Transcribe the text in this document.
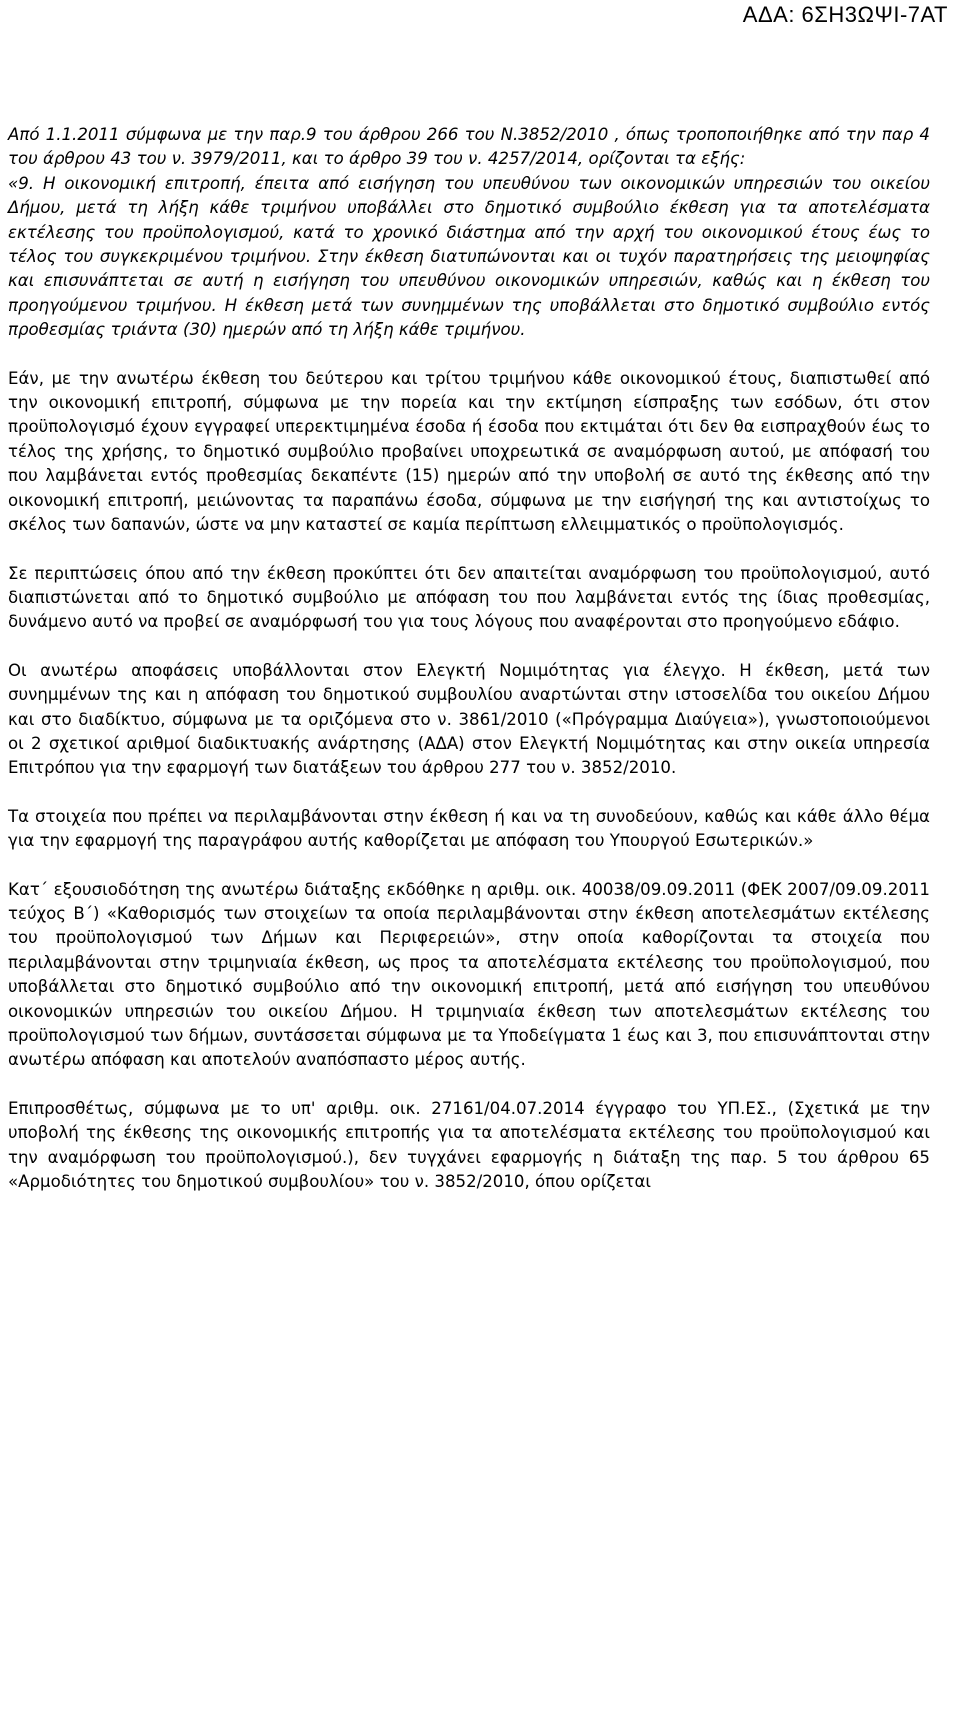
ΑΔΑ: 6ΣΗ3ΩΨΙ-7ΑΤ

Από 1.1.2011 σύμφωνα με την παρ.9 του άρθρου 266 του Ν.3852/2010 , όπως τροποποιήθηκε από την παρ 4 του άρθρου 43 του ν. 3979/2011, και το άρθρο 39 του ν. 4257/2014, ορίζονται τα εξής:

«9. Η οικονομική επιτροπή, έπειτα από εισήγηση του υπευθύνου των οικονομικών υπηρεσιών του οικείου Δήμου, μετά τη λήξη κάθε τριμήνου υποβάλλει στο δημοτικό συμβούλιο έκθεση για τα αποτελέσματα εκτέλεσης του προϋπολογισμού, κατά το χρονικό διάστημα από την αρχή του οικονομικού έτους έως το τέλος του συγκεκριμένου τριμήνου. Στην έκθεση διατυπώνονται και οι τυχόν παρατηρήσεις της μειοψηφίας και επισυνάπτεται σε αυτή η εισήγηση του υπευθύνου οικονομικών υπηρεσιών, καθώς και η έκθεση του προηγούμενου τριμήνου. Η έκθεση μετά των συνημμένων της υποβάλλεται στο δημοτικό συμβούλιο εντός προθεσμίας τριάντα (30) ημερών από τη λήξη κάθε τριμήνου.

Εάν, με την ανωτέρω έκθεση του δεύτερου και τρίτου τριμήνου κάθε οικονομικού έτους, διαπιστωθεί από την οικονομική επιτροπή, σύμφωνα με την πορεία και την εκτίμηση είσπραξης των εσόδων, ότι στον προϋπολογισμό έχουν εγγραφεί υπερεκτιμημένα έσοδα ή έσοδα που εκτιμάται ότι δεν θα εισπραχθούν έως το τέλος της χρήσης, το δημοτικό συμβούλιο προβαίνει υποχρεωτικά σε αναμόρφωση αυτού, με απόφασή του που λαμβάνεται εντός προθεσμίας δεκαπέντε (15) ημερών από την υποβολή σε αυτό της έκθεσης από την οικονομική επιτροπή, μειώνοντας τα παραπάνω έσοδα, σύμφωνα με την εισήγησή της και αντιστοίχως το σκέλος των δαπανών, ώστε να μην καταστεί σε καμία περίπτωση ελλειμματικός ο προϋπολογισμός.

Σε περιπτώσεις όπου από την έκθεση προκύπτει ότι δεν απαιτείται αναμόρφωση του προϋπολογισμού, αυτό διαπιστώνεται από το δημοτικό συμβούλιο με απόφαση του που λαμβάνεται εντός της ίδιας προθεσμίας, δυνάμενο αυτό να προβεί σε αναμόρφωσή του για τους λόγους που αναφέρονται στο προηγούμενο εδάφιο.

Οι ανωτέρω αποφάσεις υποβάλλονται στον Ελεγκτή Νομιμότητας για έλεγχο. Η έκθεση, μετά των συνημμένων της και η απόφαση του δημοτικού συμβουλίου αναρτώνται στην ιστοσελίδα του οικείου Δήμου και στο διαδίκτυο, σύμφωνα με τα οριζόμενα στο ν. 3861/2010 («Πρόγραμμα Διαύγεια»), γνωστοποιούμενοι οι 2 σχετικοί αριθμοί διαδικτυακής ανάρτησης (ΑΔΑ) στον Ελεγκτή Νομιμότητας και στην οικεία υπηρεσία Επιτρόπου για την εφαρμογή των διατάξεων του άρθρου 277 του ν. 3852/2010.

Τα στοιχεία που πρέπει να περιλαμβάνονται στην έκθεση ή και να τη συνοδεύουν, καθώς και κάθε άλλο θέμα για την εφαρμογή της παραγράφου αυτής καθορίζεται με απόφαση του Υπουργού Εσωτερικών.»

Κατ΄ εξουσιοδότηση της ανωτέρω διάταξης εκδόθηκε η αριθμ. οικ. 40038/09.09.2011 (ΦΕΚ 2007/09.09.2011 τεύχος Β΄) «Καθορισμός των στοιχείων τα οποία περιλαμβάνονται στην έκθεση αποτελεσμάτων εκτέλεσης του προϋπολογισμού των Δήμων και Περιφερειών», στην οποία καθορίζονται τα στοιχεία που περιλαμβάνονται στην τριμηνιαία έκθεση, ως προς τα αποτελέσματα εκτέλεσης του προϋπολογισμού, που υποβάλλεται στο δημοτικό συμβούλιο από την οικονομική επιτροπή, μετά από εισήγηση του υπευθύνου οικονομικών υπηρεσιών του οικείου Δήμου. Η τριμηνιαία έκθεση των αποτελεσμάτων εκτέλεσης του προϋπολογισμού των δήμων, συντάσσεται σύμφωνα με τα Υποδείγματα 1 έως και 3, που επισυνάπτονται στην ανωτέρω απόφαση και αποτελούν αναπόσπαστο μέρος αυτής.

Επιπροσθέτως, σύμφωνα με το υπ' αριθμ. οικ. 27161/04.07.2014 έγγραφο του ΥΠ.ΕΣ., (Σχετικά με την υποβολή της έκθεσης της οικονομικής επιτροπής για τα αποτελέσματα εκτέλεσης του προϋπολογισμού και την αναμόρφωση του προϋπολογισμού.), δεν τυγχάνει εφαρμογής η διάταξη της παρ. 5 του άρθρου 65 «Αρμοδιότητες του δημοτικού συμβουλίου» του ν. 3852/2010, όπου ορίζεται
